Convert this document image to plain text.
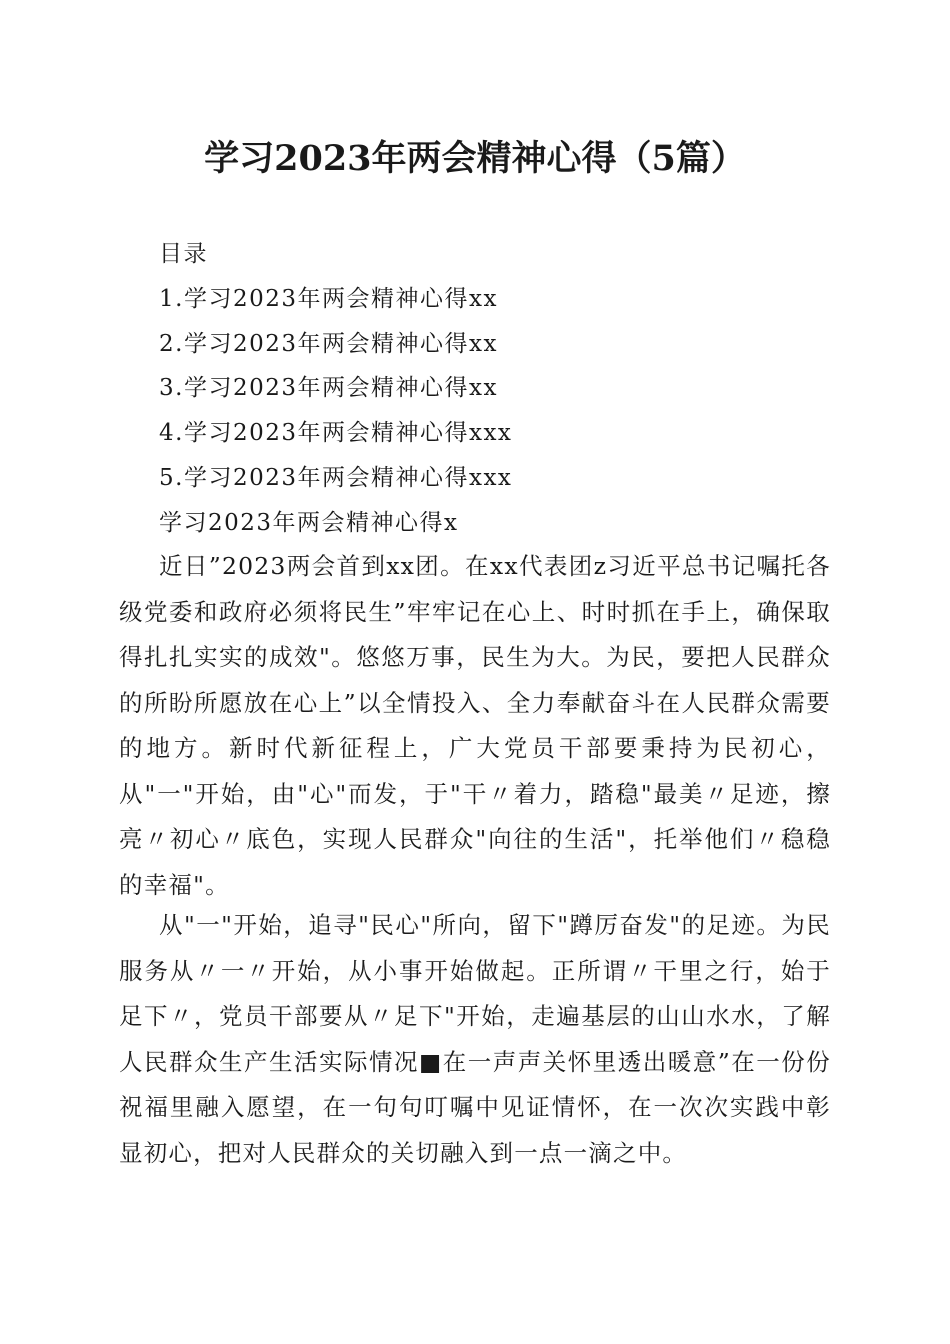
学习2023年两会精神心得（5篇）
目录
1.学习2023年两会精神心得xx
2.学习2023年两会精神心得xx
3.学习2023年两会精神心得xx
4.学习2023年两会精神心得xxx
5.学习2023年两会精神心得xxx
学习2023年两会精神心得x

近日”2023两会首到xx团。在xx代表团z习近平总书记嘱托各级党委和政府必须将民生”牢牢记在心上、时时抓在手上，确保取得扎扎实实的成效"。悠悠万事，民生为大。为民，要把人民群众的所盼所愿放在心上”以全情投入、全力奉献奋斗在人民群众需要的地方。新时代新征程上，广大党员干部要秉持为民初心，从"一"开始，由"心"而发，于"干〃着力，踏稳"最美〃足迹，擦亮〃初心〃底色，实现人民群众"向往的生活"，托举他们〃稳稳的幸福"。

从"一"开始，追寻"民心"所向，留下"蹲厉奋发"的足迹。为民服务从〃一〃开始，从小事开始做起。正所谓〃干里之行，始于足下〃，党员干部要从〃足下"开始，走遍基层的山山水水，了解人民群众生产生活实际情况■在一声声关怀里透出暖意”在一份份祝福里融入愿望，在一句句叮嘱中见证情怀，在一次次实践中彰显初心，把对人民群众的关切融入到一点一滴之中。
